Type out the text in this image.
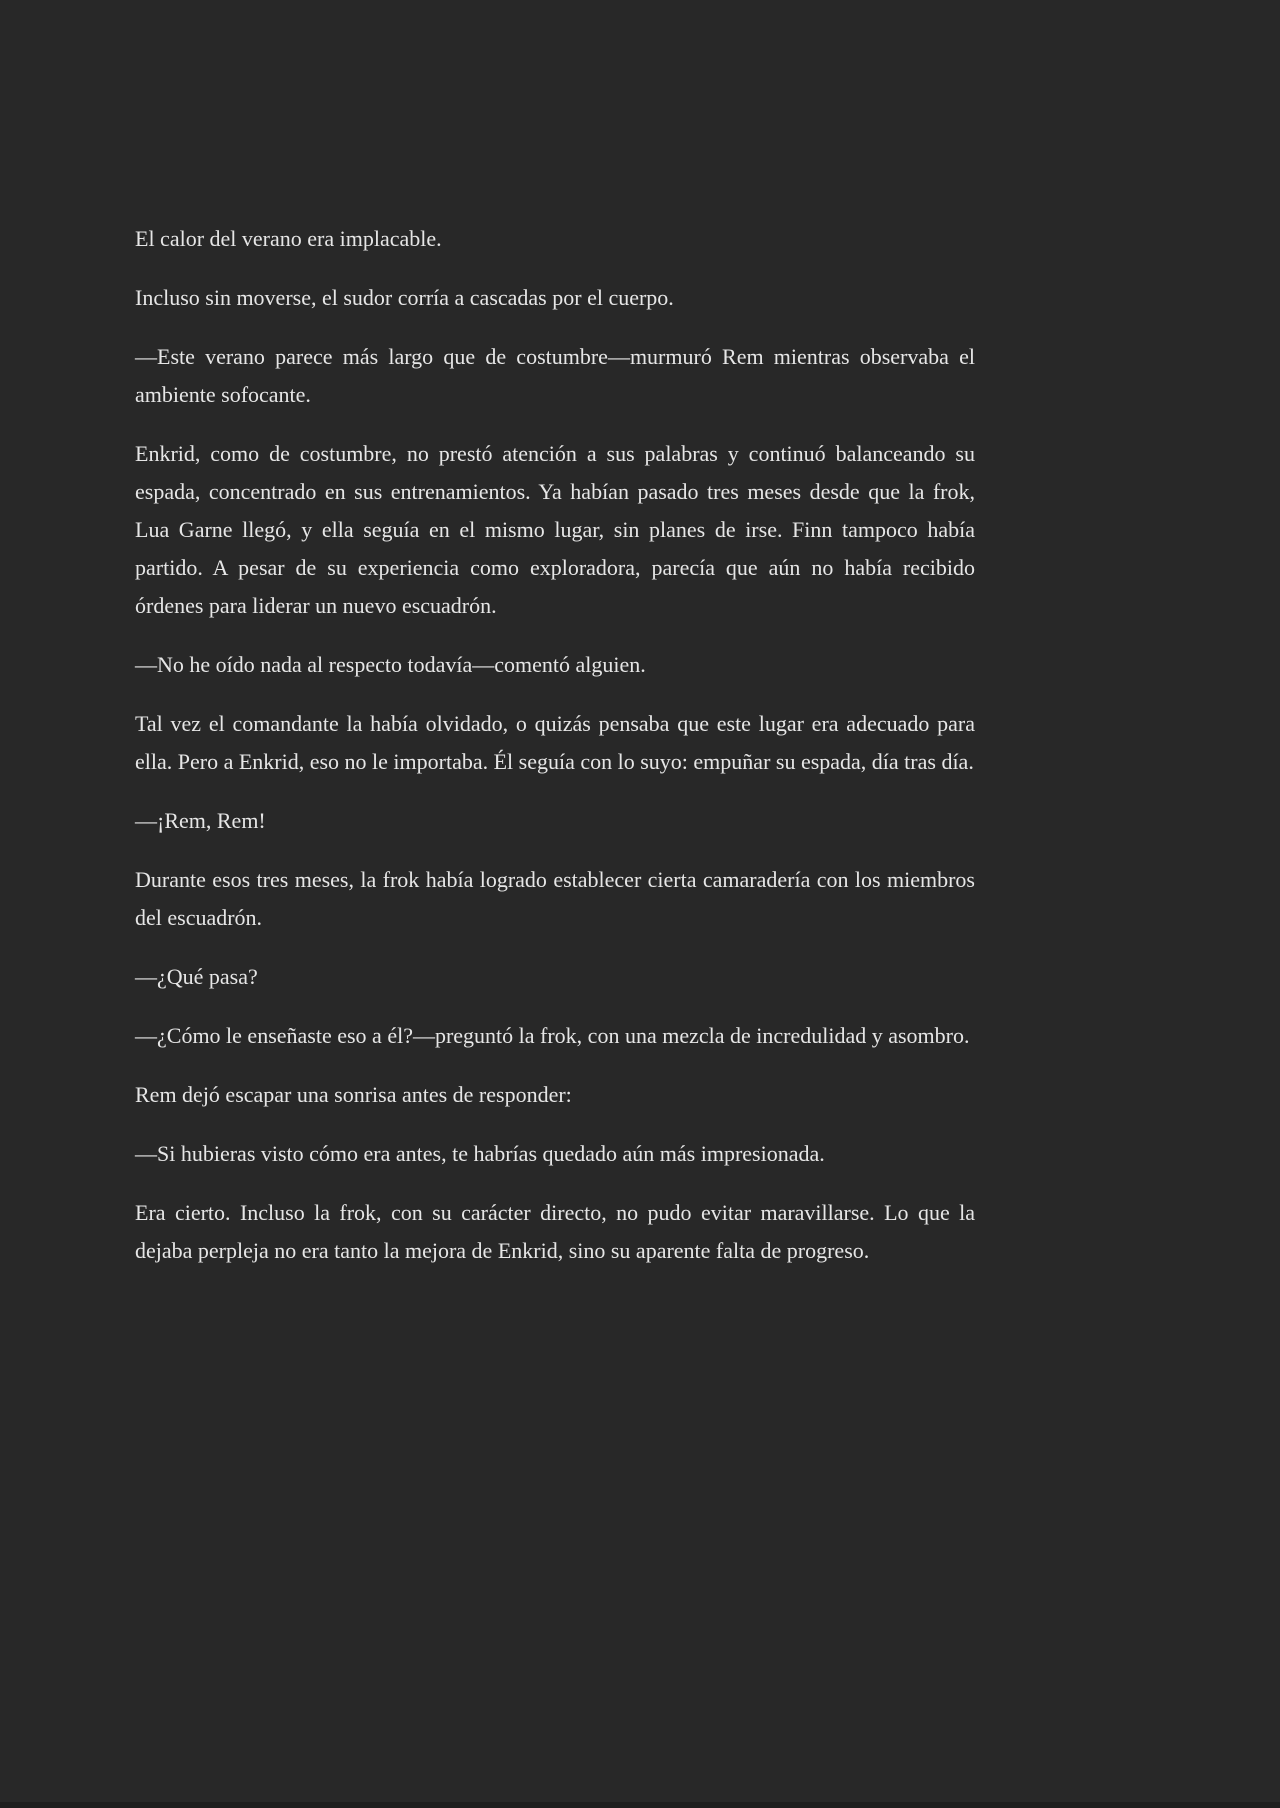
El calor del verano era implacable.

Incluso sin moverse, el sudor corría a cascadas por el cuerpo.

—Este verano parece más largo que de costumbre—murmuró Rem mientras observaba el ambiente sofocante.

Enkrid, como de costumbre, no prestó atención a sus palabras y continuó balanceando su espada, concentrado en sus entrenamientos. Ya habían pasado tres meses desde que la frok, Lua Garne llegó, y ella seguía en el mismo lugar, sin planes de irse. Finn tampoco había partido. A pesar de su experiencia como exploradora, parecía que aún no había recibido órdenes para liderar un nuevo escuadrón.

—No he oído nada al respecto todavía—comentó alguien.

Tal vez el comandante la había olvidado, o quizás pensaba que este lugar era adecuado para ella. Pero a Enkrid, eso no le importaba. Él seguía con lo suyo: empuñar su espada, día tras día.

—¡Rem, Rem!

Durante esos tres meses, la frok había logrado establecer cierta camaradería con los miembros del escuadrón.

—¿Qué pasa?

—¿Cómo le enseñaste eso a él?—preguntó la frok, con una mezcla de incredulidad y asombro.

Rem dejó escapar una sonrisa antes de responder:

—Si hubieras visto cómo era antes, te habrías quedado aún más impresionada.

Era cierto. Incluso la frok, con su carácter directo, no pudo evitar maravillarse. Lo que la dejaba perpleja no era tanto la mejora de Enkrid, sino su aparente falta de progreso.
